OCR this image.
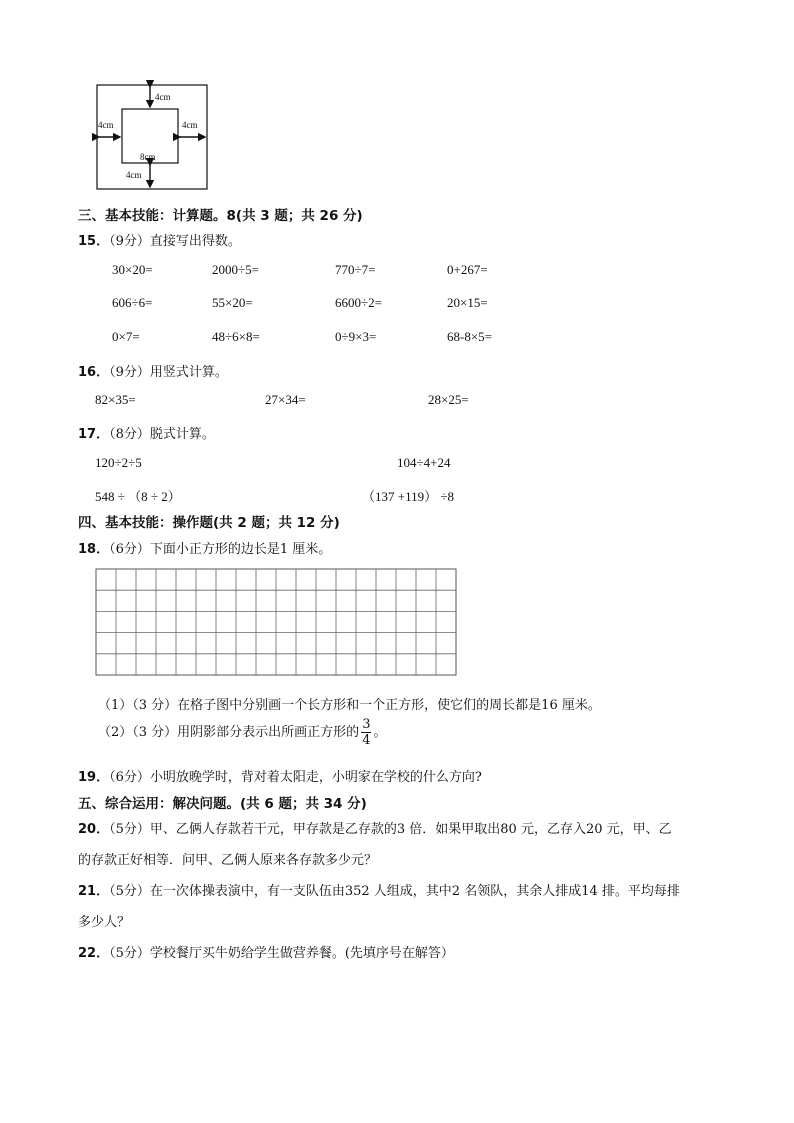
4cm
4cm	4cm
8cm
4cm
三、基本技能：计算题。8(共 3 题；共 26 分)
15．（9分）直接写出得数。
30×20=	2000÷5=	770÷7=	0+267=
606÷6=	55×20=	6600÷2=	20×15=
0×7=	48÷6×8=	0÷9×3=	68-8×5=
16．（9分）用竖式计算。
82×35=	27×34=	28×25=
17．（8分）脱式计算。
120÷2÷5	104÷4+24
548 ÷ （8 ÷ 2）	（137 +119） ÷8
四、基本技能：操作题(共 2 题；共 12 分)
18．（6分）下面小正方形的边长是1 厘米。
（1）（3 分）在格子图中分别画一个长方形和一个正方形，使它们的周长都是16 厘米。
（2）（3 分）用阴影部分表示出所画正方形的 $\frac{3}{4}$ 。
19．（6分）小明放晚学时，背对着太阳走，小明家在学校的什么方向?
五、综合运用：解决问题。(共 6 题；共 34 分)
20．（5分）甲、乙俩人存款若干元，甲存款是乙存款的3 倍．如果甲取出80 元，乙存入20 元，甲、乙
的存款正好相等．问甲、乙俩人原来各存款多少元？
21．（5分）在一次体操表演中，有一支队伍由352 人组成，其中2 名领队，其余人排成14 排。平均每排
多少人？
22．（5分）学校餐厅买牛奶给学生做营养餐。(先填序号在解答）
